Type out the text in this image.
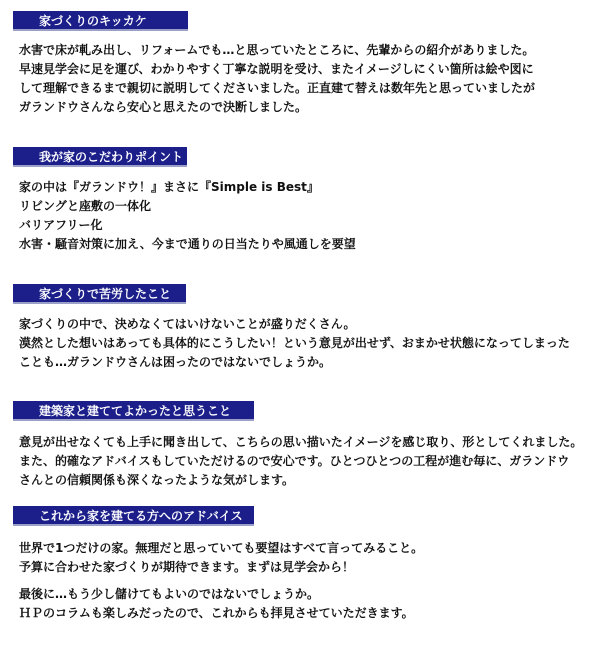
家づくりのキッカケ
水害で床が軋み出し、リフォームでも…と思っていたところに、先輩からの紹介がありました。
早速見学会に足を運び、わかりやすく丁寧な説明を受け、またイメージしにくい箇所は絵や図に
して理解できるまで親切に説明してくださいました。正直建て替えは数年先と思っていましたが
ガランドウさんなら安心と思えたので決断しました。
我が家のこだわりポイント
家の中は『ガランドウ！』まさに『Simple is Best』
リビングと座敷の一体化
バリアフリー化
水害・騒音対策に加え、今まで通りの日当たりや風通しを要望
家づくりで苦労したこと
家づくりの中で、決めなくてはいけないことが盛りだくさん。
漠然とした想いはあっても具体的にこうしたい！という意見が出せず、おまかせ状態になってしまった
ことも…ガランドウさんは困ったのではないでしょうか。
建築家と建ててよかったと思うこと
意見が出せなくても上手に聞き出して、こちらの思い描いたイメージを感じ取り、形としてくれました。
また、的確なアドバイスもしていただけるので安心です。ひとつひとつの工程が進む毎に、ガランドウ
さんとの信頼関係も深くなったような気がします。
これから家を建てる方へのアドバイス
世界で1つだけの家。無理だと思っていても要望はすべて言ってみること。
予算に合わせた家づくりが期待できます。まずは見学会から！
最後に…もう少し儲けてもよいのではないでしょうか。
ＨＰのコラムも楽しみだったので、これからも拝見させていただきます。
